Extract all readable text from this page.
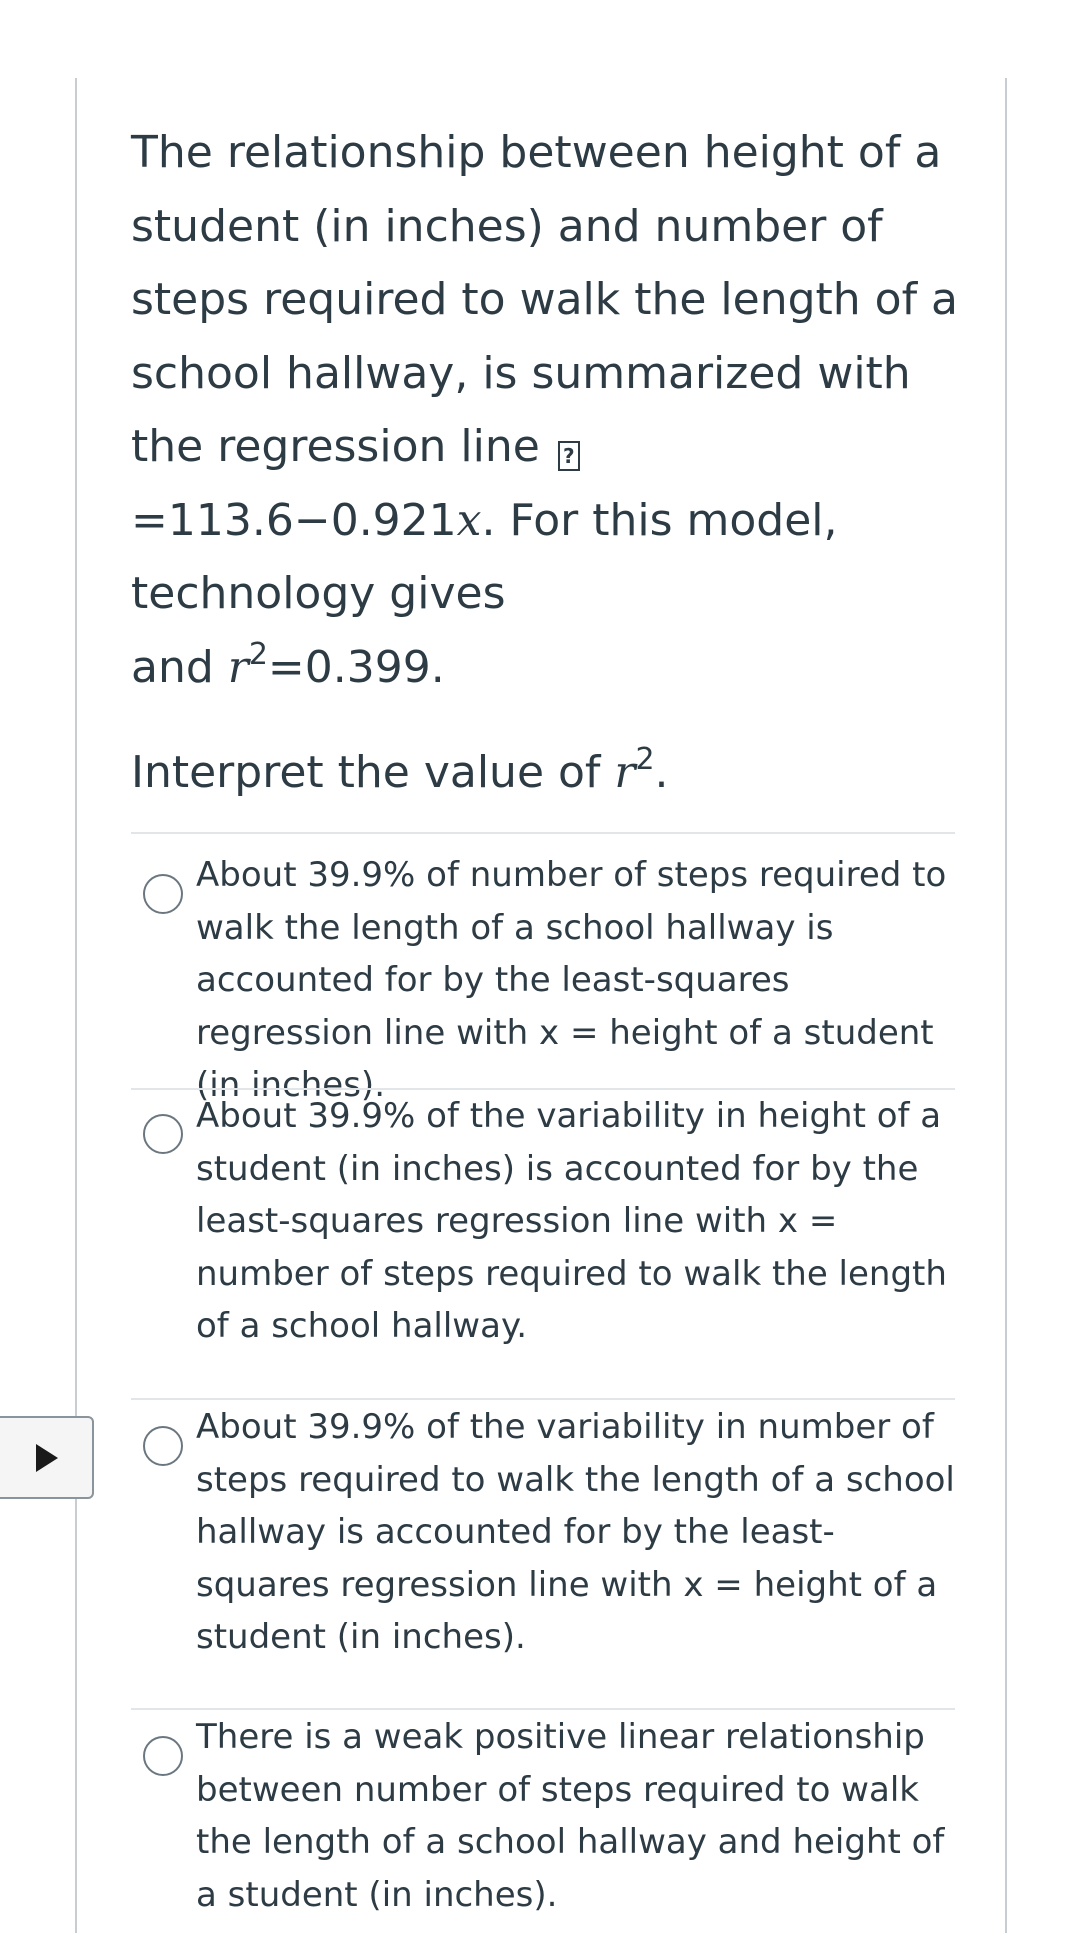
The relationship between height of a student (in inches) and number of steps required to walk the length of a school hallway, is summarized with the regression line ? =113.6−0.921x. For this model, technology gives
and $r^2=0.399$.

Interpret the value of $r^2$.

About 39.9% of number of steps required to walk the length of a school hallway is accounted for by the least-squares regression line with x = height of a student (in inches).
About 39.9% of the variability in height of a student (in inches) is accounted for by the least-squares regression line with x = number of steps required to walk the length of a school hallway.
About 39.9% of the variability in number of steps required to walk the length of a school hallway is accounted for by the least-squares regression line with x = height of a student (in inches).
There is a weak positive linear relationship between number of steps required to walk the length of a school hallway and height of a student (in inches).
